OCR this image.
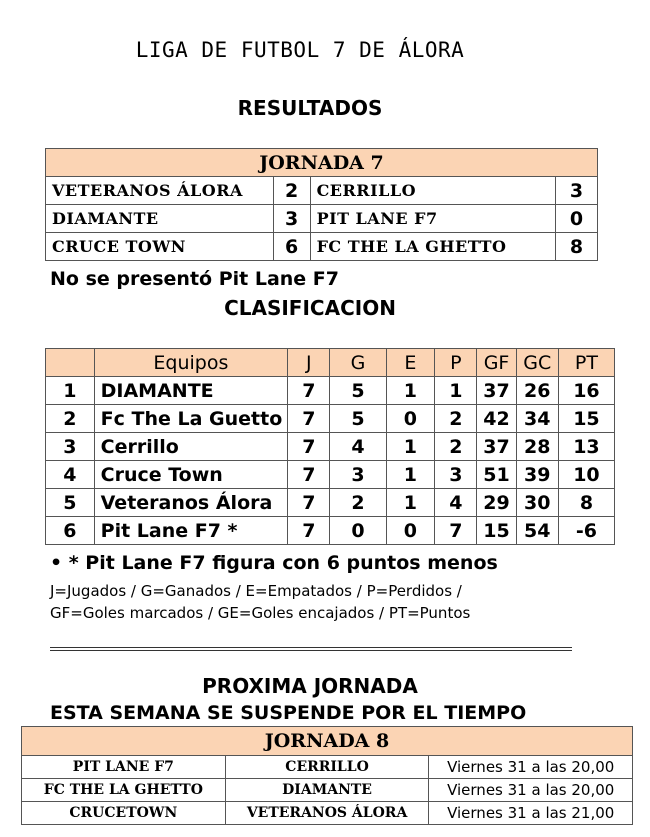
LIGA DE FUTBOL 7 DE ÁLORA
RESULTADOS
JORNADA 7			
VETERANOS ÁLORA	2	CERRILLO	3
DIAMANTE	3	PIT LANE F7	0
CRUCE TOWN	6	FC THE LA GHETTO	8
No se presentó Pit Lane F7
CLASIFICACION
	Equipos	J	G	E	P	GF	GC	PT
1	DIAMANTE	7	5	1	1	37	26	16
2	Fc The La Guetto	7	5	0	2	42	34	15
3	Cerrillo	7	4	1	2	37	28	13
4	Cruce Town	7	3	1	3	51	39	10
5	Veteranos Álora	7	2	1	4	29	30	8
6	Pit Lane F7 *	7	0	0	7	15	54	-6
• * Pit Lane F7 figura con 6 puntos menos
J=Jugados / G=Ganados / E=Empatados / P=Perdidos /
GF=Goles marcados / GE=Goles encajados / PT=Puntos
PROXIMA JORNADA
ESTA SEMANA SE SUSPENDE POR EL TIEMPO
JORNADA 8		
PIT LANE F7	CERRILLO	Viernes 31 a las 20,00
FC THE LA GHETTO	DIAMANTE	Viernes 31 a las 20,00
CRUCETOWN	VETERANOS ÁLORA	Viernes 31 a las 21,00
